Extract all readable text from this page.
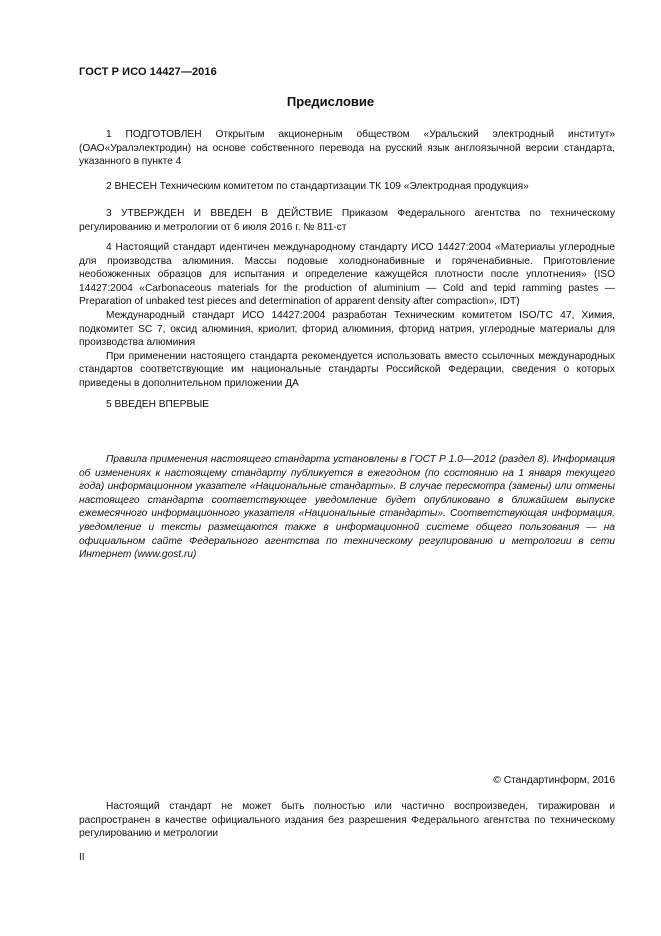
ГОСТ Р ИСО 14427—2016
Предисловие

1 ПОДГОТОВЛЕН Открытым акционерным обществом «Уральский электродный институт» (ОАО«Уралэлектродин) на основе собственного перевода на русский язык англоязычной версии стандарта, указанного в пункте 4

2 ВНЕСЕН Техническим комитетом по стандартизации ТК 109 «Электродная продукция»

3 УТВЕРЖДЕН И ВВЕДЕН В ДЕЙСТВИЕ Приказом Федерального агентства по техническому регулированию и метрологии от 6 июля 2016 г. № 811-ст

4 Настоящий стандарт идентичен международному стандарту ИСО 14427:2004 «Материалы углеродные для производства алюминия. Массы подовые холоднонабивные и горяченабивные. Приготовление необожженных образцов для испытания и определение кажущейся плотности после уплотнения» (ISO 14427:2004 «Carbonaceous materials for the production of aluminium — Cold and tepid ramming pastes — Preparation of unbaked test pieces and determination of apparent density after compaction», IDT)

Международный стандарт ИСО 14427:2004 разработан Техническим комитетом ISO/TC 47, Химия, подкомитет SC 7, оксид алюминия, криолит, фторид алюминия, фторид натрия, углеродные материалы для производства алюминия

При применении настоящего стандарта рекомендуется использовать вместо ссылочных международных стандартов соответствующие им национальные стандарты Российской Федерации, сведения о которых приведены в дополнительном приложении ДА

5 ВВЕДЕН ВПЕРВЫЕ

Правила применения настоящего стандарта установлены в ГОСТ Р 1.0—2012 (раздел 8). Информация об изменениях к настоящему стандарту публикуется в ежегодном (по состоянию на 1 января текущего года) информационном указателе «Национальные стандарты». В случае пересмотра (замены) или отмены настоящего стандарта соответствующее уведомление будет опубликовано в ближайшем выпуске ежемесячного информационного указателя «Национальные стандарты». Соответствующая информация, уведомление и тексты размещаются также в информационной системе общего пользования — на официальном сайте Федерального агентства по техническому регулированию и метрологии в сети Интернет (www.gost.ru)

© Стандартинформ, 2016

Настоящий стандарт не может быть полностью или частично воспроизведен, тиражирован и распространен в качестве официального издания без разрешения Федерального агентства по техническому регулированию и метрологии

II
